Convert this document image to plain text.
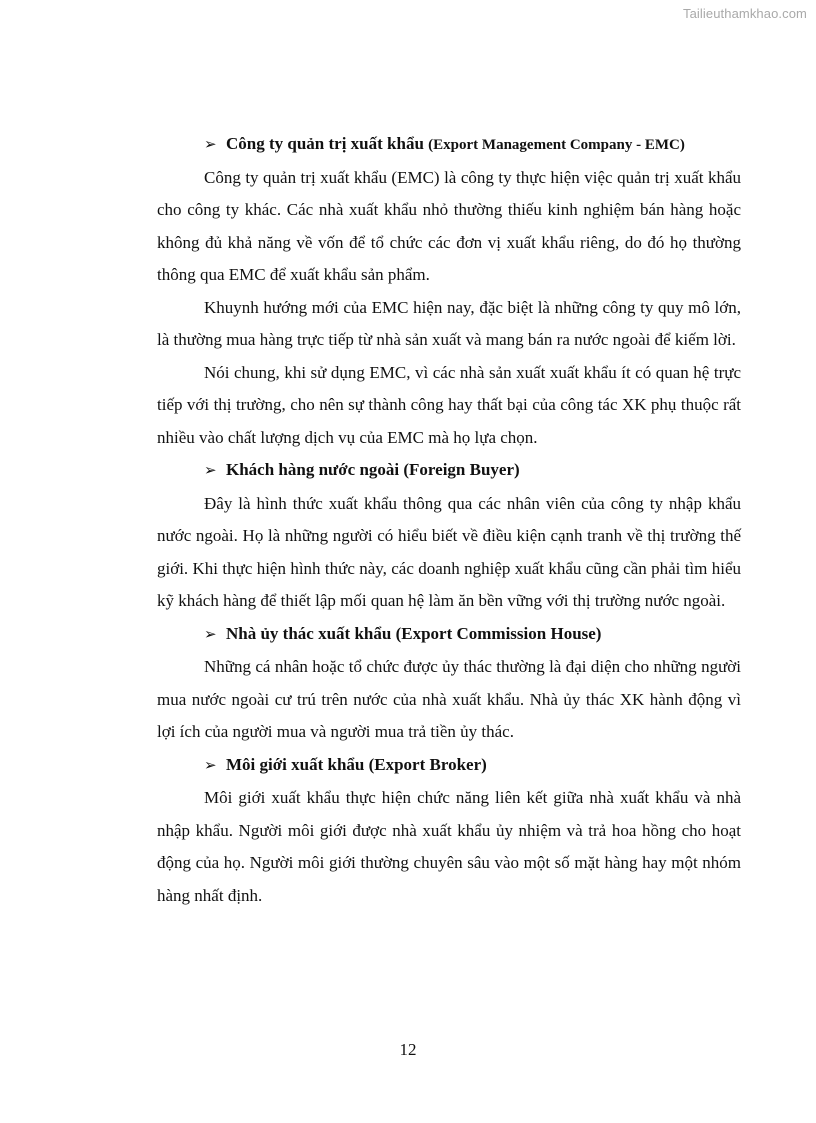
Tailieuthamkhao.com
➢ Công ty quản trị xuất khẩu (Export Management Company - EMC)

Công ty quản trị xuất khẩu (EMC) là công ty thực hiện việc quản trị xuất khẩu cho công ty khác. Các nhà xuất khẩu nhỏ thường thiếu kinh nghiệm bán hàng hoặc không đủ khả năng về vốn để tổ chức các đơn vị xuất khẩu riêng, do đó họ thường thông qua EMC để xuất khẩu sản phẩm.

Khuynh hướng mới của EMC hiện nay, đặc biệt là những công ty quy mô lớn, là thường mua hàng trực tiếp từ nhà sản xuất và mang bán ra nước ngoài để kiếm lời.

Nói chung, khi sử dụng EMC, vì các nhà sản xuất xuất khẩu ít có quan hệ trực tiếp với thị trường, cho nên sự thành công hay thất bại của công tác XK phụ thuộc rất nhiều vào chất lượng dịch vụ của EMC mà họ lựa chọn.

➢ Khách hàng nước ngoài (Foreign Buyer)

Đây là hình thức xuất khẩu thông qua các nhân viên của công ty nhập khẩu nước ngoài. Họ là những người có hiểu biết về điều kiện cạnh tranh về thị trường thế giới. Khi thực hiện hình thức này, các doanh nghiệp xuất khẩu cũng cần phải tìm hiểu kỹ khách hàng để thiết lập mối quan hệ làm ăn bền vững với thị trường nước ngoài.

➢ Nhà ủy thác xuất khẩu (Export Commission House)

Những cá nhân hoặc tổ chức được ủy thác thường là đại diện cho những người mua nước ngoài cư trú trên nước của nhà xuất khẩu. Nhà ủy thác XK hành động vì lợi ích của người mua và người mua trả tiền ủy thác.

➢ Môi giới xuất khẩu (Export Broker)

Môi giới xuất khẩu thực hiện chức năng liên kết giữa nhà xuất khẩu và nhà nhập khẩu. Người môi giới được nhà xuất khẩu ủy nhiệm và trả hoa hồng cho hoạt động của họ. Người môi giới thường chuyên sâu vào một số mặt hàng hay một nhóm hàng nhất định.

12
